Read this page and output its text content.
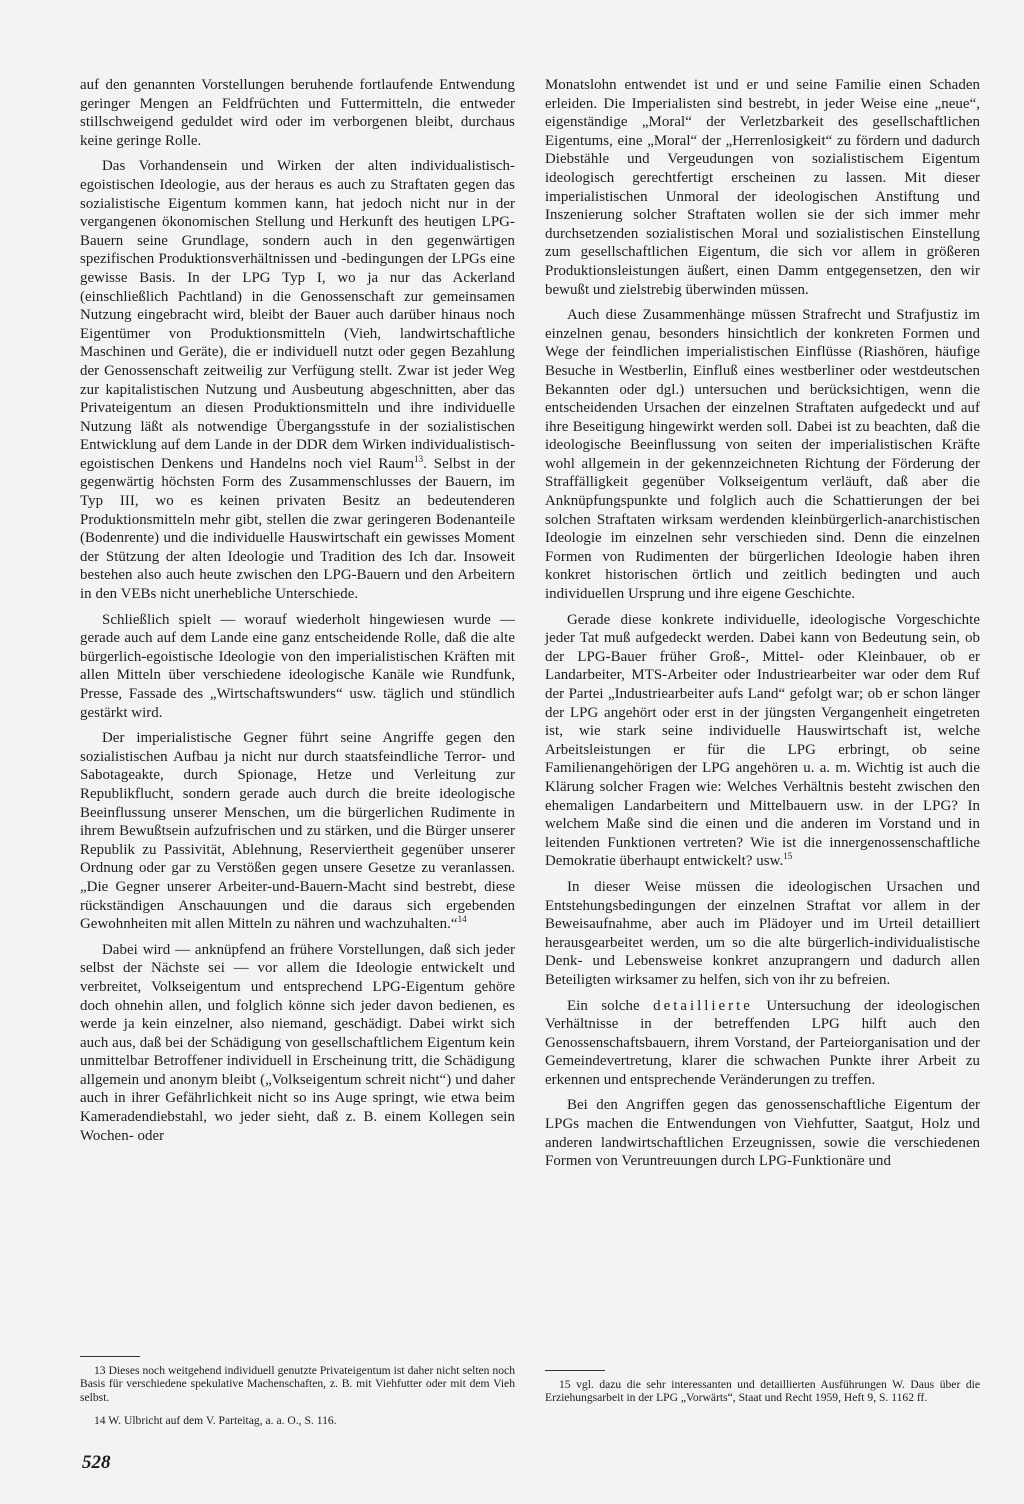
auf den genannten Vorstellungen beruhende fortlaufende Entwendung geringer Mengen an Feldfrüchten und Futtermitteln, die entweder stillschweigend geduldet wird oder im verborgenen bleibt, durchaus keine geringe Rolle.

Das Vorhandensein und Wirken der alten individualistisch-egoistischen Ideologie, aus der heraus es auch zu Straftaten gegen das sozialistische Eigentum kommen kann, hat jedoch nicht nur in der vergangenen ökonomischen Stellung und Herkunft des heutigen LPG-Bauern seine Grundlage, sondern auch in den gegenwärtigen spezifischen Produktionsverhältnissen und -bedingungen der LPGs eine gewisse Basis. In der LPG Typ I, wo ja nur das Ackerland (einschließlich Pachtland) in die Genossenschaft zur gemeinsamen Nutzung eingebracht wird, bleibt der Bauer auch darüber hinaus noch Eigentümer von Produktionsmitteln (Vieh, landwirtschaftliche Maschinen und Geräte), die er individuell nutzt oder gegen Bezahlung der Genossenschaft zeitweilig zur Verfügung stellt. Zwar ist jeder Weg zur kapitalistischen Nutzung und Ausbeutung abgeschnitten, aber das Privateigentum an diesen Produktionsmitteln und ihre individuelle Nutzung läßt als notwendige Übergangsstufe in der sozialistischen Entwicklung auf dem Lande in der DDR dem Wirken individualistisch-egoistischen Denkens und Handelns noch viel Raum$^{13}$. Selbst in der gegenwärtig höchsten Form des Zusammenschlusses der Bauern, im Typ III, wo es keinen privaten Besitz an bedeutenderen Produktionsmitteln mehr gibt, stellen die zwar geringeren Bodenanteile (Bodenrente) und die individuelle Hauswirtschaft ein gewisses Moment der Stützung der alten Ideologie und Tradition des Ich dar. Insoweit bestehen also auch heute zwischen den LPG-Bauern und den Arbeitern in den VEBs nicht unerhebliche Unterschiede.

Schließlich spielt — worauf wiederholt hingewiesen wurde — gerade auch auf dem Lande eine ganz entscheidende Rolle, daß die alte bürgerlich-egoistische Ideologie von den imperialistischen Kräften mit allen Mitteln über verschiedene ideologische Kanäle wie Rundfunk, Presse, Fassade des „Wirtschaftswunders“ usw. täglich und stündlich gestärkt wird.

Der imperialistische Gegner führt seine Angriffe gegen den sozialistischen Aufbau ja nicht nur durch staatsfeindliche Terror- und Sabotageakte, durch Spionage, Hetze und Verleitung zur Republikflucht, sondern gerade auch durch die breite ideologische Beeinflussung unserer Menschen, um die bürgerlichen Rudimente in ihrem Bewußtsein aufzufrischen und zu stärken, und die Bürger unserer Republik zu Passivität, Ablehnung, Reserviertheit gegenüber unserer Ordnung oder gar zu Verstößen gegen unsere Gesetze zu veranlassen. „Die Gegner unserer Arbeiter-und-Bauern-Macht sind bestrebt, diese rückständigen Anschauungen und die daraus sich ergebenden Gewohnheiten mit allen Mitteln zu nähren und wachzuhalten.“$^{14}$

Dabei wird — anknüpfend an frühere Vorstellungen, daß sich jeder selbst der Nächste sei — vor allem die Ideologie entwickelt und verbreitet, Volkseigentum und entsprechend LPG-Eigentum gehöre doch ohnehin allen, und folglich könne sich jeder davon bedienen, es werde ja kein einzelner, also niemand, geschädigt. Dabei wirkt sich auch aus, daß bei der Schädigung von gesellschaftlichem Eigentum kein unmittelbar Betroffener individuell in Erscheinung tritt, die Schädigung allgemein und anonym bleibt („Volkseigentum schreit nicht“) und daher auch in ihrer Gefährlichkeit nicht so ins Auge springt, wie etwa beim Kameradendiebstahl, wo jeder sieht, daß z. B. einem Kollegen sein Wochen- oder

Monatslohn entwendet ist und er und seine Familie einen Schaden erleiden. Die Imperialisten sind bestrebt, in jeder Weise eine „neue“, eigenständige „Moral“ der Verletzbarkeit des gesellschaftlichen Eigentums, eine „Moral“ der „Herrenlosigkeit“ zu fördern und dadurch Diebstähle und Vergeudungen von sozialistischem Eigentum ideologisch gerechtfertigt erscheinen zu lassen. Mit dieser imperialistischen Unmoral der ideologischen Anstiftung und Inszenierung solcher Straftaten wollen sie der sich immer mehr durchsetzenden sozialistischen Moral und sozialistischen Einstellung zum gesellschaftlichen Eigentum, die sich vor allem in größeren Produktionsleistungen äußert, einen Damm entgegensetzen, den wir bewußt und zielstrebig überwinden müssen.

Auch diese Zusammenhänge müssen Strafrecht und Strafjustiz im einzelnen genau, besonders hinsichtlich der konkreten Formen und Wege der feindlichen imperialistischen Einflüsse (Riashören, häufige Besuche in Westberlin, Einfluß eines westberliner oder westdeutschen Bekannten oder dgl.) untersuchen und berücksichtigen, wenn die entscheidenden Ursachen der einzelnen Straftaten aufgedeckt und auf ihre Beseitigung hingewirkt werden soll. Dabei ist zu beachten, daß die ideologische Beeinflussung von seiten der imperialistischen Kräfte wohl allgemein in der gekennzeichneten Richtung der Förderung der Straffälligkeit gegenüber Volkseigentum verläuft, daß aber die Anknüpfungspunkte und folglich auch die Schattierungen der bei solchen Straftaten wirksam werdenden kleinbürgerlich-anarchistischen Ideologie im einzelnen sehr verschieden sind. Denn die einzelnen Formen von Rudimenten der bürgerlichen Ideologie haben ihren konkret historischen örtlich und zeitlich bedingten und auch individuellen Ursprung und ihre eigene Geschichte.

Gerade diese konkrete individuelle, ideologische Vorgeschichte jeder Tat muß aufgedeckt werden. Dabei kann von Bedeutung sein, ob der LPG-Bauer früher Groß-, Mittel- oder Kleinbauer, ob er Landarbeiter, MTS-Arbeiter oder Industriearbeiter war oder dem Ruf der Partei „Industriearbeiter aufs Land“ gefolgt war; ob er schon länger der LPG angehört oder erst in der jüngsten Vergangenheit eingetreten ist, wie stark seine individuelle Hauswirtschaft ist, welche Arbeitsleistungen er für die LPG erbringt, ob seine Familienangehörigen der LPG angehören u. a. m. Wichtig ist auch die Klärung solcher Fragen wie: Welches Verhältnis besteht zwischen den ehemaligen Landarbeitern und Mittelbauern usw. in der LPG? In welchem Maße sind die einen und die anderen im Vorstand und in leitenden Funktionen vertreten? Wie ist die innergenossenschaftliche Demokratie überhaupt entwickelt? usw.$^{15}$

In dieser Weise müssen die ideologischen Ursachen und Entstehungsbedingungen der einzelnen Straftat vor allem in der Beweisaufnahme, aber auch im Plädoyer und im Urteil detailliert herausgearbeitet werden, um so die alte bürgerlich-individualistische Denk- und Lebensweise konkret anzuprangern und dadurch allen Beteiligten wirksamer zu helfen, sich von ihr zu befreien.

Ein solche detaillierte Untersuchung der ideologischen Verhältnisse in der betreffenden LPG hilft auch den Genossenschaftsbauern, ihrem Vorstand, der Parteiorganisation und der Gemeindevertretung, klarer die schwachen Punkte ihrer Arbeit zu erkennen und entsprechende Veränderungen zu treffen.

Bei den Angriffen gegen das genossenschaftliche Eigentum der LPGs machen die Entwendungen von Viehfutter, Saatgut, Holz und anderen landwirtschaftlichen Erzeugnissen, sowie die verschiedenen Formen von Veruntreuungen durch LPG-Funktionäre und

13 Dieses noch weitgehend individuell genutzte Privateigentum ist daher nicht selten noch Basis für verschiedene spekulative Machenschaften, z. B. mit Viehfutter oder mit dem Vieh selbst.

14 W. Ulbricht auf dem V. Parteitag, a. a. O., S. 116.

15 vgl. dazu die sehr interessanten und detaillierten Ausführungen W. Daus über die Erziehungsarbeit in der LPG „Vorwärts“, Staat und Recht 1959, Heft 9, S. 1162 ff.

528
